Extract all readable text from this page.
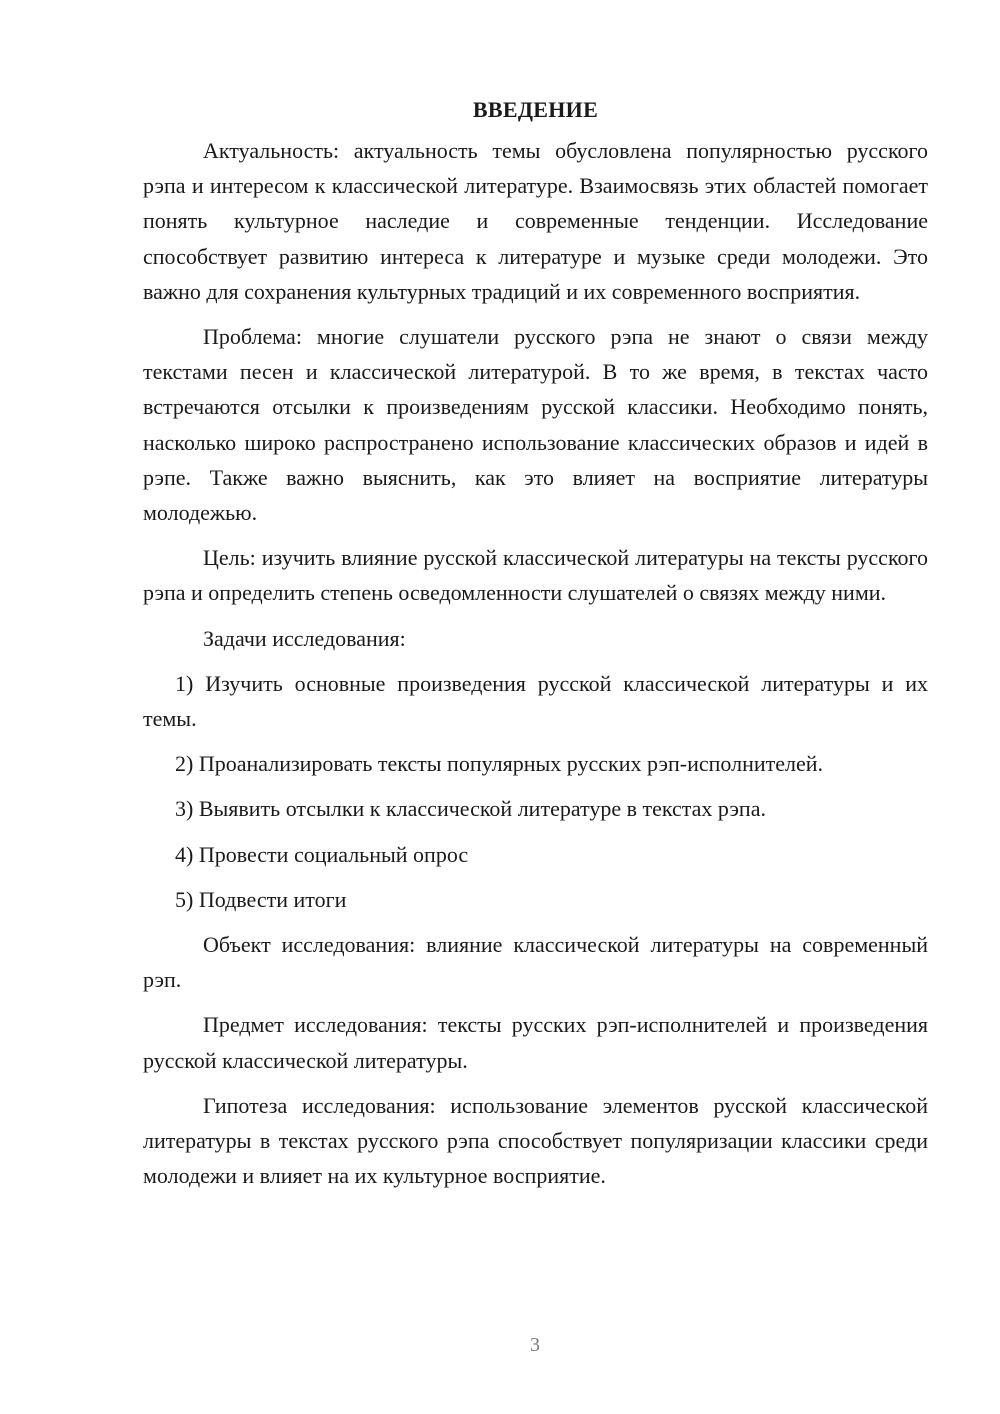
ВВЕДЕНИЕ

Актуальность: актуальность темы обусловлена популярностью русского рэпа и интересом к классической литературе. Взаимосвязь этих областей помогает понять культурное наследие и современные тенденции. Исследование способствует развитию интереса к литературе и музыке среди молодежи. Это важно для сохранения культурных традиций и их современного восприятия.

Проблема: многие слушатели русского рэпа не знают о связи между текстами песен и классической литературой. В то же время, в текстах часто встречаются отсылки к произведениям русской классики. Необходимо понять, насколько широко распространено использование классических образов и идей в рэпе. Также важно выяснить, как это влияет на восприятие литературы молодежью.

Цель: изучить влияние русской классической литературы на тексты русского рэпа и определить степень осведомленности слушателей о связях между ними.

Задачи исследования:

1) Изучить основные произведения русской классической литературы и их темы.

2) Проанализировать тексты популярных русских рэп-исполнителей.

3) Выявить отсылки к классической литературе в текстах рэпа.

4) Провести социальный опрос

5) Подвести итоги

Объект исследования: влияние классической литературы на современный рэп.

Предмет исследования: тексты русских рэп-исполнителей и произведения русской классической литературы.

Гипотеза исследования: использование элементов русской классической литературы в текстах русского рэпа способствует популяризации классики среди молодежи и влияет на их культурное восприятие.

3
